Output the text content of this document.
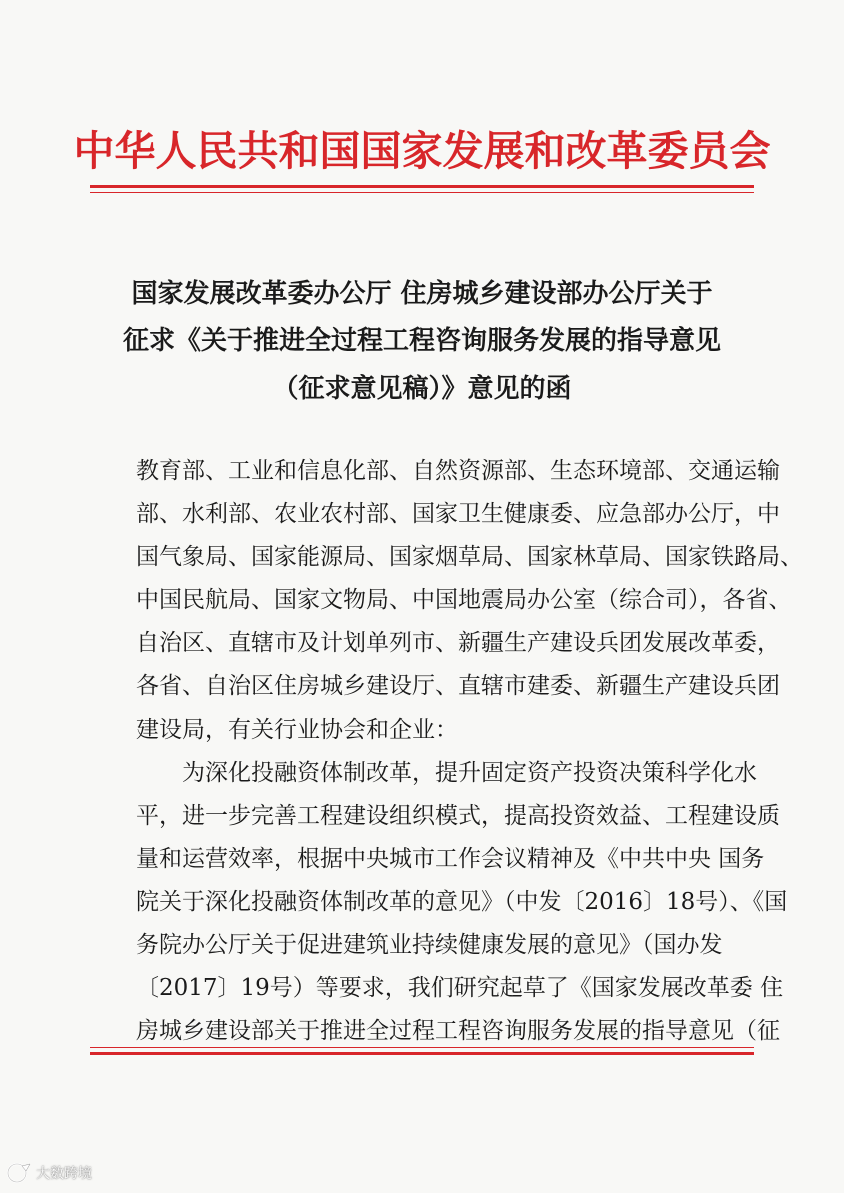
中华人民共和国国家发展和改革委员会
国家发展改革委办公厅 住房城乡建设部办公厅关于
征求《关于推进全过程工程咨询服务发展的指导意见
（征求意见稿）》意见的函
教育部、工业和信息化部、自然资源部、生态环境部、交通运输
部、水利部、农业农村部、国家卫生健康委、应急部办公厅，中
国气象局、国家能源局、国家烟草局、国家林草局、国家铁路局、
中国民航局、国家文物局、中国地震局办公室（综合司），各省、
自治区、直辖市及计划单列市、新疆生产建设兵团发展改革委，
各省、自治区住房城乡建设厅、直辖市建委、新疆生产建设兵团
建设局，有关行业协会和企业：
为深化投融资体制改革，提升固定资产投资决策科学化水
平，进一步完善工程建设组织模式，提高投资效益、工程建设质
量和运营效率，根据中央城市工作会议精神及《中共中央 国务
院关于深化投融资体制改革的意见》（中发〔2016〕18号）、《国
务院办公厅关于促进建筑业持续健康发展的意见》（国办发
〔2017〕19号）等要求，我们研究起草了《国家发展改革委 住
大数跨境
房城乡建设部关于推进全过程工程咨询服务发展的指导意见（征
